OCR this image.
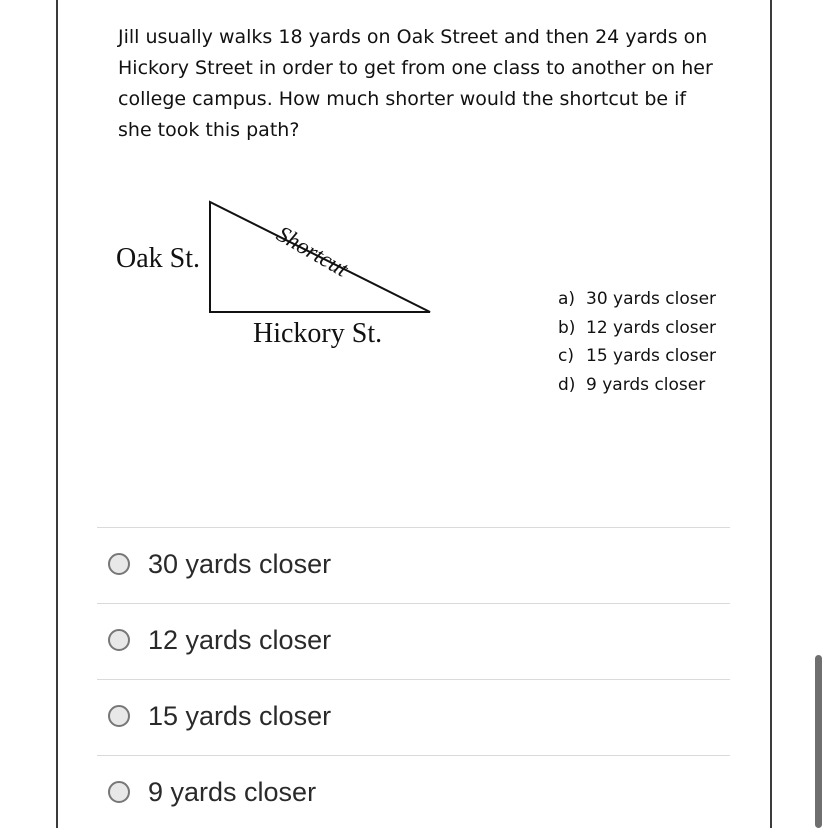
Jill usually walks 18 yards on Oak Street and then 24 yards on
Hickory Street in order to get from one class to another on her
college campus. How much shorter would the shortcut be if
she took this path?
Oak St.
Hickory St.
Shortcut
a) 30 yards closer
b) 12 yards closer
c) 15 yards closer
d) 9 yards closer
30 yards closer
12 yards closer
15 yards closer
9 yards closer
